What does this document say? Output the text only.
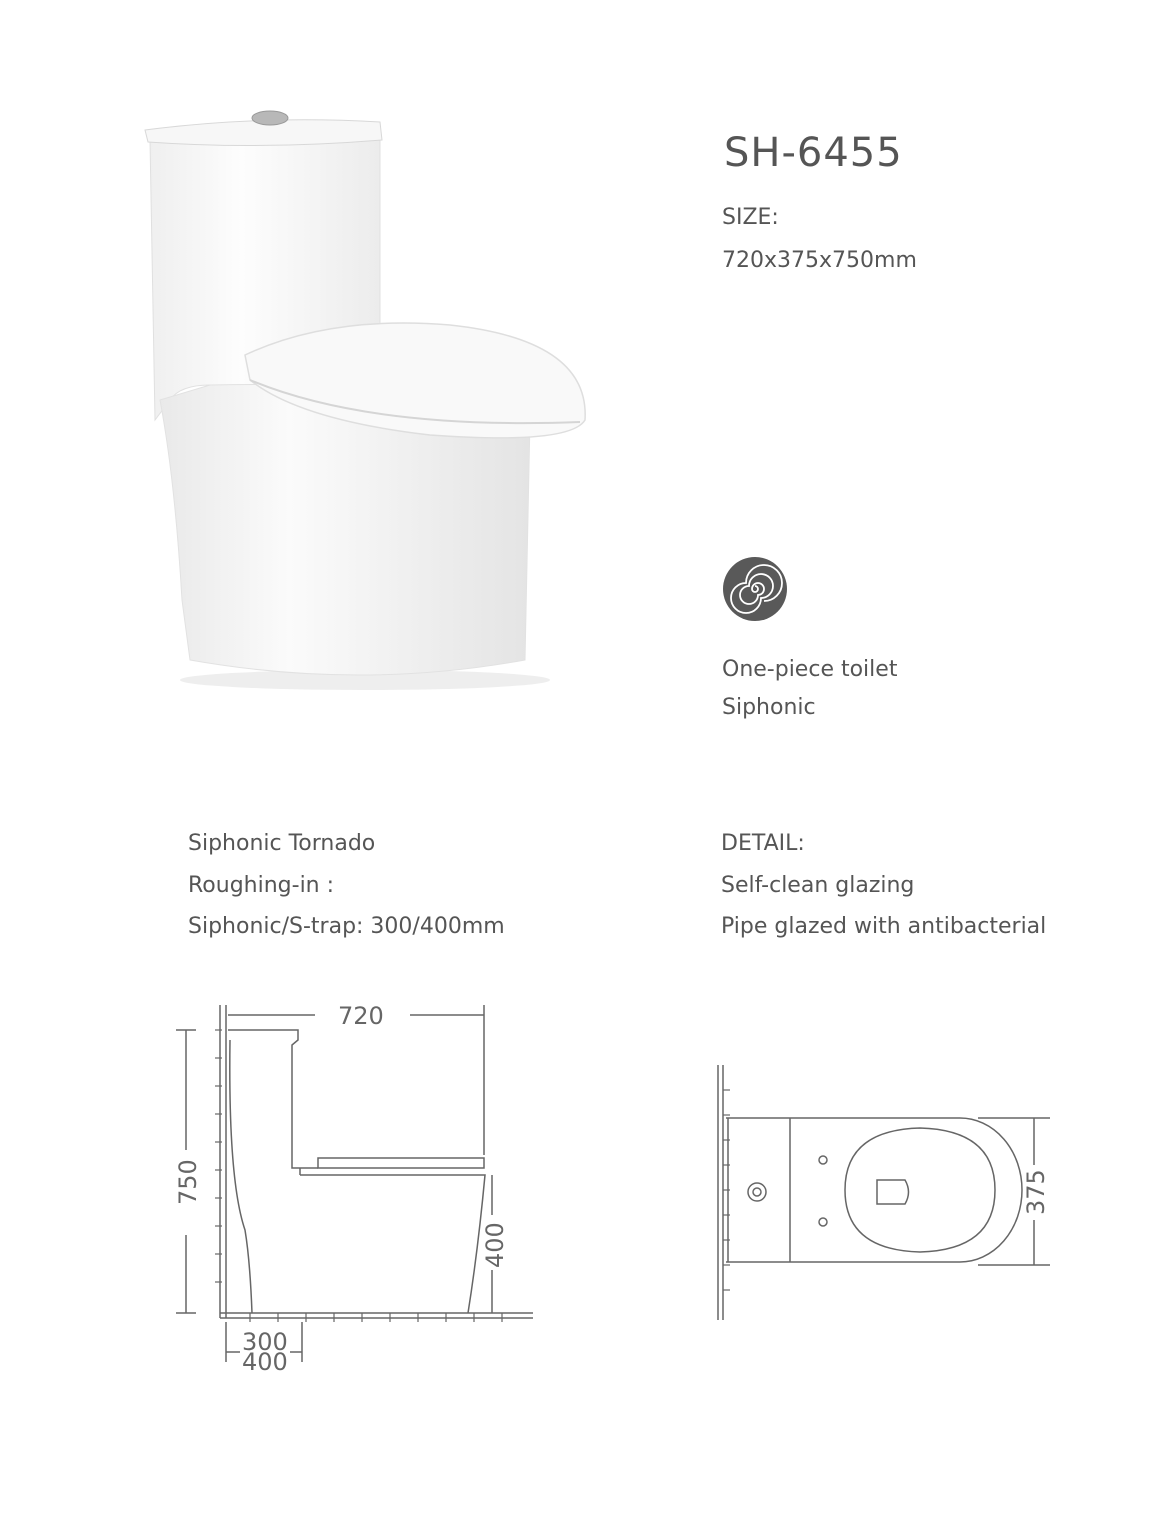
SH-6455
SIZE:
720x375x750mm
One-piece toilet
Siphonic
Siphonic Tornado
Roughing-in :
Siphonic/S-trap: 300/400mm
DETAIL:
Self-clean glazing
Pipe glazed with antibacterial
720
750
400
300
400
375
